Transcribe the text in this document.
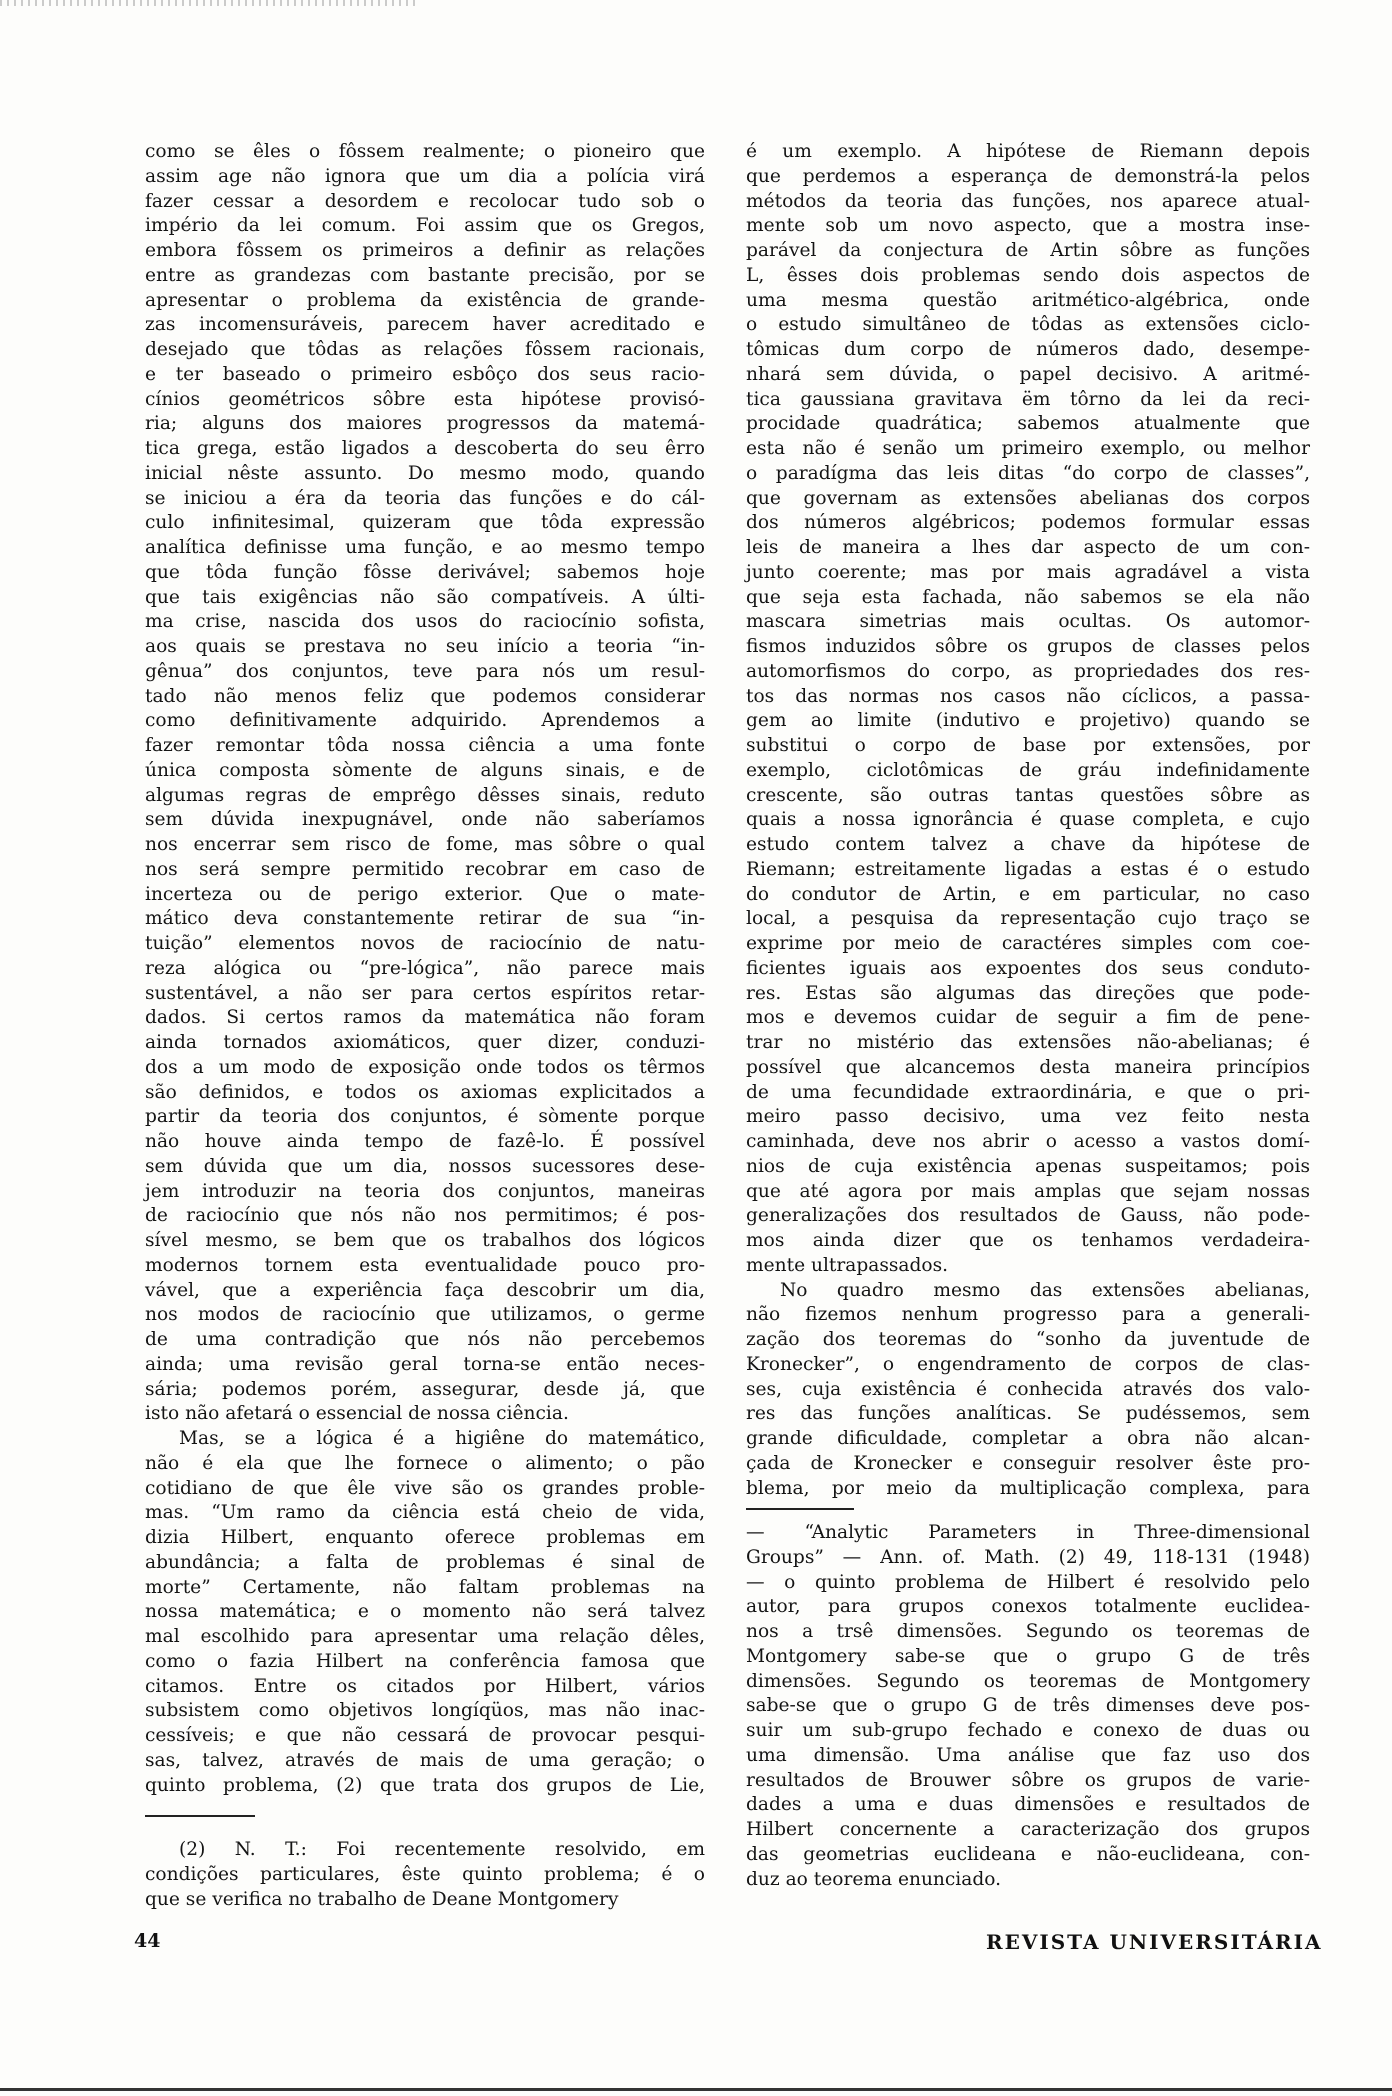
como se êles o fôssem realmente; o pioneiro que
assim age não ignora que um dia a polícia virá
fazer cessar a desordem e recolocar tudo sob o
império da lei comum. Foi assim que os Gregos,
embora fôssem os primeiros a definir as relações
entre as grandezas com bastante precisão, por se
apresentar o problema da existência de grande-
zas incomensuráveis, parecem haver acreditado e
desejado que tôdas as relações fôssem racionais,
e ter baseado o primeiro esbôço dos seus racio-
cínios geométricos sôbre esta hipótese provisó-
ria; alguns dos maiores progressos da matemá-
tica grega, estão ligados a descoberta do seu êrro
inicial nêste assunto. Do mesmo modo, quando
se iniciou a éra da teoria das funções e do cál-
culo infinitesimal, quizeram que tôda expressão
analítica definisse uma função, e ao mesmo tempo
que tôda função fôsse derivável; sabemos hoje
que tais exigências não são compatíveis. A últi-
ma crise, nascida dos usos do raciocínio sofista,
aos quais se prestava no seu início a teoria “in-
gênua” dos conjuntos, teve para nós um resul-
tado não menos feliz que podemos considerar
como definitivamente adquirido. Aprendemos a
fazer remontar tôda nossa ciência a uma fonte
única composta sòmente de alguns sinais, e de
algumas regras de emprêgo dêsses sinais, reduto
sem dúvida inexpugnável, onde não saberíamos
nos encerrar sem risco de fome, mas sôbre o qual
nos será sempre permitido recobrar em caso de
incerteza ou de perigo exterior. Que o mate-
mático deva constantemente retirar de sua “in-
tuição” elementos novos de raciocínio de natu-
reza alógica ou “pre-lógica”, não parece mais
sustentável, a não ser para certos espíritos retar-
dados. Si certos ramos da matemática não foram
ainda tornados axiomáticos, quer dizer, conduzi-
dos a um modo de exposição onde todos os têrmos
são definidos, e todos os axiomas explicitados a
partir da teoria dos conjuntos, é sòmente porque
não houve ainda tempo de fazê-lo. É possível
sem dúvida que um dia, nossos sucessores dese-
jem introduzir na teoria dos conjuntos, maneiras
de raciocínio que nós não nos permitimos; é pos-
sível mesmo, se bem que os trabalhos dos lógicos
modernos tornem esta eventualidade pouco pro-
vável, que a experiência faça descobrir um dia,
nos modos de raciocínio que utilizamos, o germe
de uma contradição que nós não percebemos
ainda; uma revisão geral torna-se então neces-
sária; podemos porém, assegurar, desde já, que
isto não afetará o essencial de nossa ciência.
Mas, se a lógica é a higiêne do matemático,
não é ela que lhe fornece o alimento; o pão
cotidiano de que êle vive são os grandes proble-
mas. “Um ramo da ciência está cheio de vida,
dizia Hilbert, enquanto oferece problemas em
abundância; a falta de problemas é sinal de
morte” Certamente, não faltam problemas na
nossa matemática; e o momento não será talvez
mal escolhido para apresentar uma relação dêles,
como o fazia Hilbert na conferência famosa que
citamos. Entre os citados por Hilbert, vários
subsistem como objetivos longíqüos, mas não inac-
cessíveis; e que não cessará de provocar pesqui-
sas, talvez, através de mais de uma geração; o
quinto problema, (2) que trata dos grupos de Lie,
(2) N. T.: Foi recentemente resolvido, em
condições particulares, êste quinto problema; é o
que se verifica no trabalho de Deane Montgomery
é um exemplo. A hipótese de Riemann depois
que perdemos a esperança de demonstrá-la pelos
métodos da teoria das funções, nos aparece atual-
mente sob um novo aspecto, que a mostra inse-
parável da conjectura de Artin sôbre as funções
L, êsses dois problemas sendo dois aspectos de
uma mesma questão aritmético-algébrica, onde
o estudo simultâneo de tôdas as extensões ciclo-
tômicas dum corpo de números dado, desempe-
nhará sem dúvida, o papel decisivo. A aritmé-
tica gaussiana gravitava ëm tôrno da lei da reci-
procidade quadrática; sabemos atualmente que
esta não é senão um primeiro exemplo, ou melhor
o paradígma das leis ditas “do corpo de classes”,
que governam as extensões abelianas dos corpos
dos números algébricos; podemos formular essas
leis de maneira a lhes dar aspecto de um con-
junto coerente; mas por mais agradável a vista
que seja esta fachada, não sabemos se ela não
mascara simetrias mais ocultas. Os automor-
fismos induzidos sôbre os grupos de classes pelos
automorfismos do corpo, as propriedades dos res-
tos das normas nos casos não cíclicos, a passa-
gem ao limite (indutivo e projetivo) quando se
substitui o corpo de base por extensões, por
exemplo, ciclotômicas de gráu indefinidamente
crescente, são outras tantas questões sôbre as
quais a nossa ignorância é quase completa, e cujo
estudo contem talvez a chave da hipótese de
Riemann; estreitamente ligadas a estas é o estudo
do condutor de Artin, e em particular, no caso
local, a pesquisa da representação cujo traço se
exprime por meio de caractéres simples com coe-
ficientes iguais aos expoentes dos seus conduto-
res. Estas são algumas das direções que pode-
mos e devemos cuidar de seguir a fim de pene-
trar no mistério das extensões não-abelianas; é
possível que alcancemos desta maneira princípios
de uma fecundidade extraordinária, e que o pri-
meiro passo decisivo, uma vez feito nesta
caminhada, deve nos abrir o acesso a vastos domí-
nios de cuja existência apenas suspeitamos; pois
que até agora por mais amplas que sejam nossas
generalizações dos resultados de Gauss, não pode-
mos ainda dizer que os tenhamos verdadeira-
mente ultrapassados.
No quadro mesmo das extensões abelianas,
não fizemos nenhum progresso para a generali-
zação dos teoremas do “sonho da juventude de
Kronecker”, o engendramento de corpos de clas-
ses, cuja existência é conhecida através dos valo-
res das funções analíticas. Se pudéssemos, sem
grande dificuldade, completar a obra não alcan-
çada de Kronecker e conseguir resolver êste pro-
blema, por meio da multiplicação complexa, para
— “Analytic Parameters in Three-dimensional
Groups” — Ann. of. Math. (2) 49, 118-131 (1948)
— o quinto problema de Hilbert é resolvido pelo
autor, para grupos conexos totalmente euclidea-
nos a trsê dimensões. Segundo os teoremas de
Montgomery sabe-se que o grupo G de três
dimensões. Segundo os teoremas de Montgomery
sabe-se que o grupo G de três dimenses deve pos-
suir um sub-grupo fechado e conexo de duas ou
uma dimensão. Uma análise que faz uso dos
resultados de Brouwer sôbre os grupos de varie-
dades a uma e duas dimensões e resultados de
Hilbert concernente a caracterização dos grupos
das geometrias euclideana e não-euclideana, con-
duz ao teorema enunciado.
44	REVISTA UNIVERSITÁRIA
